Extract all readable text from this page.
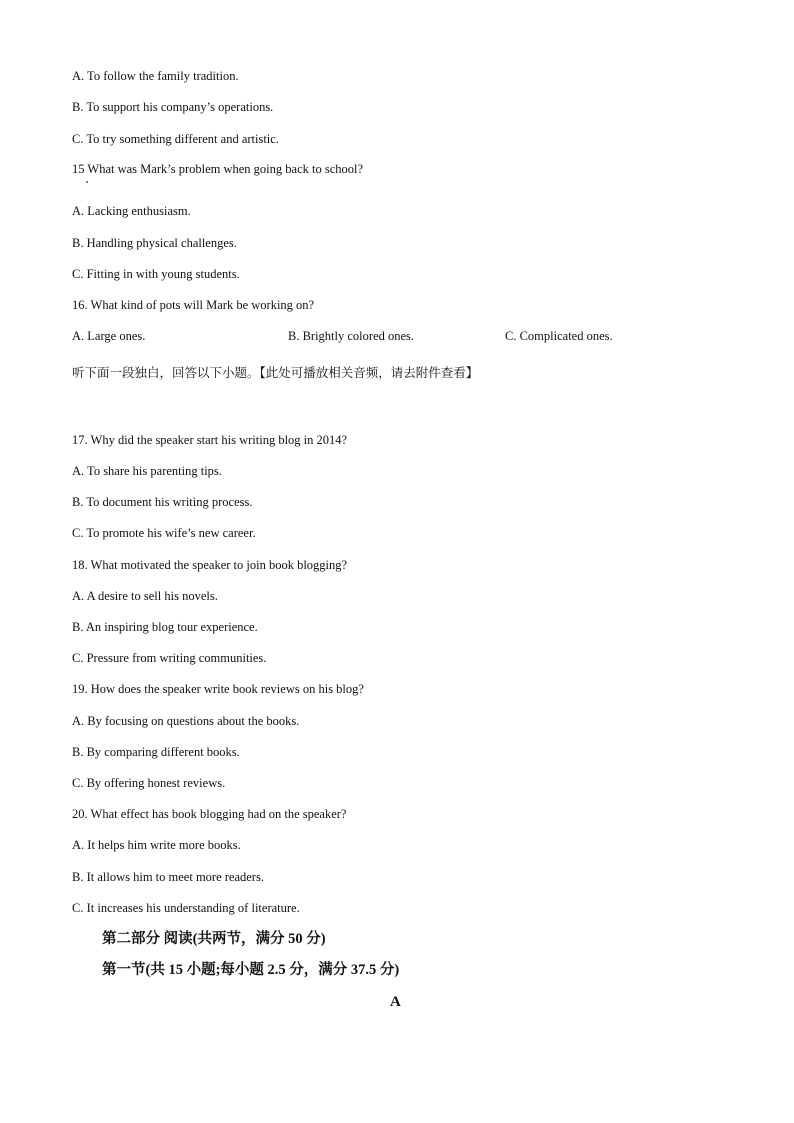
A. To follow the family tradition.
B. To support his company’s operations.
C. To try something different and artistic.
15 What was Mark’s problem when going back to school?
A. Lacking enthusiasm.
B. Handling physical challenges.
C. Fitting in with young students.
16. What kind of pots will Mark be working on?
A. Large ones.	B. Brightly colored ones.	C. Complicated ones.
听下面一段独白，回答以下小题。【此处可播放相关音频，请去附件查看】
17. Why did the speaker start his writing blog in 2014?
A. To share his parenting tips.
B. To document his writing process.
C. To promote his wife’s new career.
18. What motivated the speaker to join book blogging?
A. A desire to sell his novels.
B. An inspiring blog tour experience.
C. Pressure from writing communities.
19. How does the speaker write book reviews on his blog?
A. By focusing on questions about the books.
B. By comparing different books.
C. By offering honest reviews.
20. What effect has book blogging had on the speaker?
A. It helps him write more books.
B. It allows him to meet more readers.
C. It increases his understanding of literature.
第二部分 阅读(共两节，满分 50 分)
第一节(共 15 小题;每小题 2.5 分，满分 37.5 分)
A
